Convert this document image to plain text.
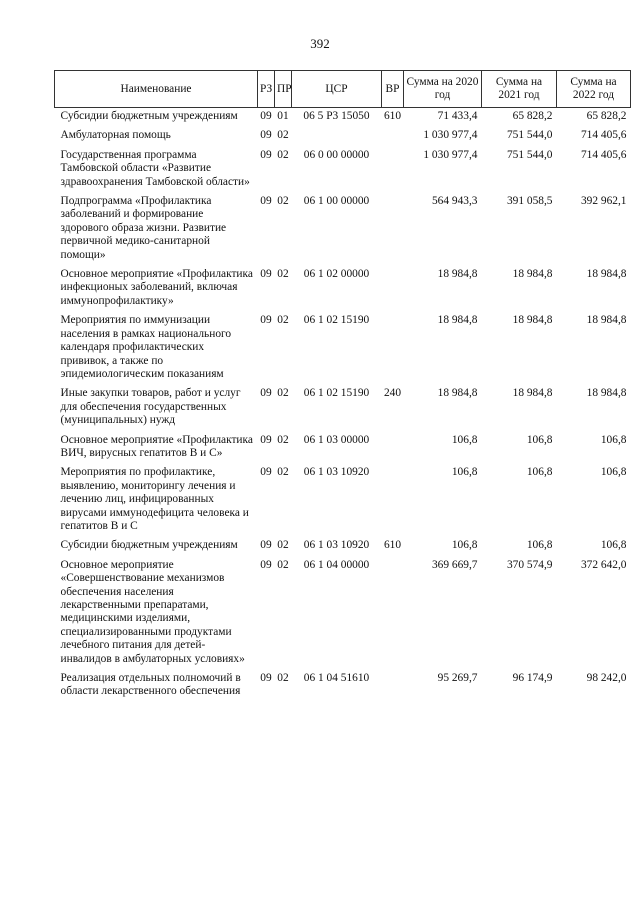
392
Наименование	РЗ	ПР	ЦСР	ВР	Сумма на 2020 год	Сумма на 2021 год	Сумма на 2022 год
Субсидии бюджетным учреждениям	09	01	06 5 Р3 15050	610	71 433,4	65 828,2	65 828,2
Амбулаторная помощь	09	02			1 030 977,4	751 544,0	714 405,6
Государственная программа Тамбовской области «Развитие здравоохранения Тамбовской области»	09	02	06 0 00 00000		1 030 977,4	751 544,0	714 405,6
Подпрограмма «Профилактика заболеваний и формирование здорового образа жизни. Развитие первичной медико-санитарной помощи»	09	02	06 1 00 00000		564 943,3	391 058,5	392 962,1
Основное мероприятие «Профилактика инфекционых заболеваний, включая иммунопрофилактику»	09	02	06 1 02 00000		18 984,8	18 984,8	18 984,8
Мероприятия по иммунизации населения в рамках национального календаря профилактических прививок, а также по эпидемиологическим показаниям	09	02	06 1 02 15190		18 984,8	18 984,8	18 984,8
Иные закупки товаров, работ и услуг для обеспечения государственных (муниципальных) нужд	09	02	06 1 02 15190	240	18 984,8	18 984,8	18 984,8
Основное мероприятие «Профилактика ВИЧ, вирусных гепатитов В и С»	09	02	06 1 03 00000		106,8	106,8	106,8
Мероприятия по профилактике, выявлению, мониторингу лечения и лечению лиц, инфицированных вирусами иммунодефицита человека и гепатитов В и С	09	02	06 1 03 10920		106,8	106,8	106,8
Субсидии бюджетным учреждениям	09	02	06 1 03 10920	610	106,8	106,8	106,8
Основное мероприятие «Совершенствование механизмов обеспечения населения лекарственными препаратами, медицинскими изделиями, специализированными продуктами лечебного питания для детей-инвалидов в амбулаторных условиях»	09	02	06 1 04 00000		369 669,7	370 574,9	372 642,0
Реализация отдельных полномочий в области лекарственного обеспечения	09	02	06 1 04 51610		95 269,7	96 174,9	98 242,0
